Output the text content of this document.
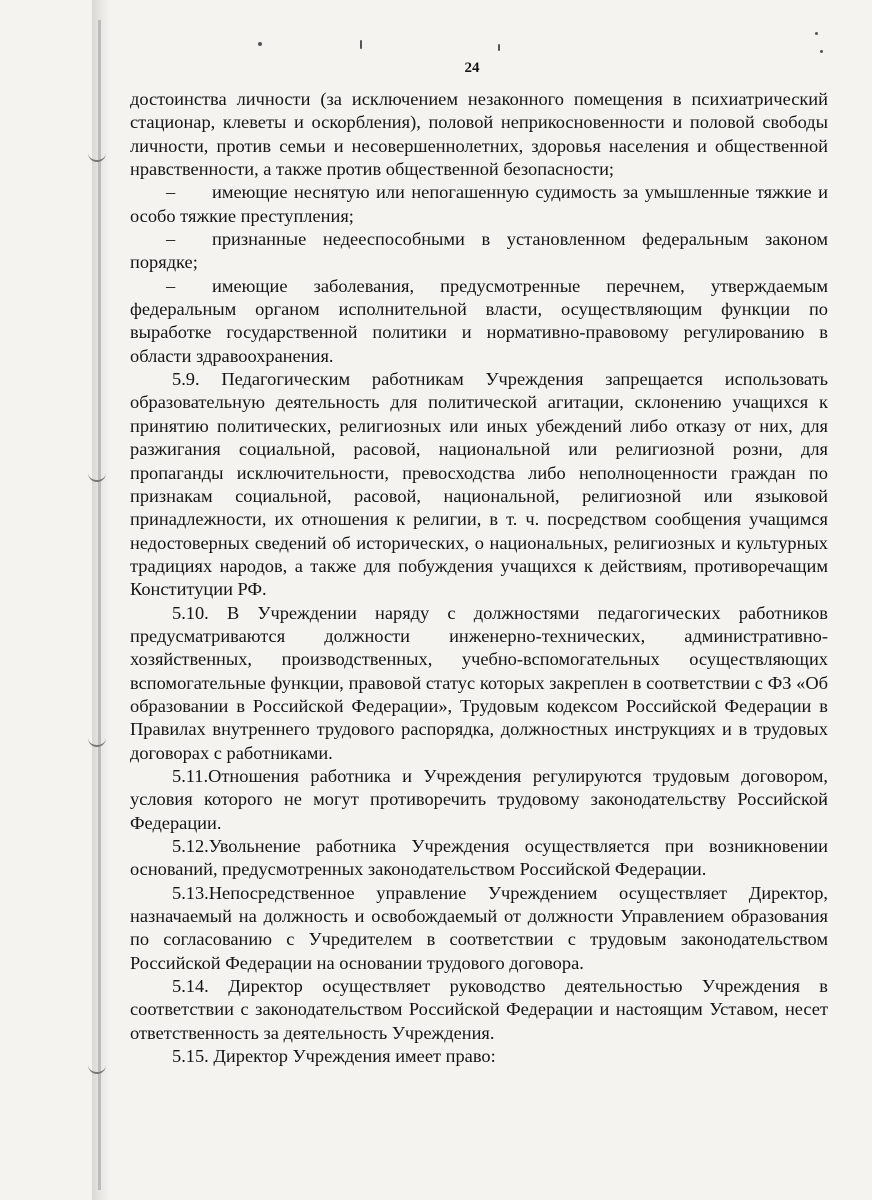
24

достоинства личности (за исключением незаконного помещения в психиатрический стационар, клеветы и оскорбления), половой неприкосновенности и половой свободы личности, против семьи и несовершеннолетних, здоровья населения и общественной нравственности, а также против общественной безопасности;

–  имеющие неснятую или непогашенную судимость за умышленные тяжкие и особо тяжкие преступления;

–  признанные недееспособными в установленном федеральным законом порядке;

–  имеющие заболевания, предусмотренные перечнем, утверждаемым федеральным органом исполнительной власти, осуществляющим функции по выработке государственной политики и нормативно-правовому регулированию в области здравоохранения.

5.9. Педагогическим работникам Учреждения запрещается использовать образовательную деятельность для политической агитации, склонению учащихся к принятию политических, религиозных или иных убеждений либо отказу от них, для разжигания социальной, расовой, национальной или религиозной розни, для пропаганды исключительности, превосходства либо неполноценности граждан по признакам социальной, расовой, национальной, религиозной или языковой принадлежности, их отношения к религии, в т. ч. посредством сообщения учащимся недостоверных сведений об исторических, о национальных, религиозных и культурных традициях народов, а также для побуждения учащихся к действиям, противоречащим Конституции РФ.

5.10. В Учреждении наряду с должностями педагогических работников предусматриваются должности инженерно-технических, административно-хозяйственных, производственных, учебно-вспомогательных осуществляющих вспомогательные функции, правовой статус которых закреплен в соответствии с ФЗ «Об образовании в Российской Федерации», Трудовым кодексом Российской Федерации в Правилах внутреннего трудового распорядка, должностных инструкциях и в трудовых договорах с работниками.

5.11.Отношения работника и Учреждения регулируются трудовым договором, условия которого не могут противоречить трудовому законодательству Российской Федерации.

5.12.Увольнение работника Учреждения осуществляется при возникновении оснований, предусмотренных законодательством Российской Федерации.

5.13.Непосредственное управление Учреждением осуществляет Директор, назначаемый на должность и освобождаемый от должности Управлением образования по согласованию с Учредителем в соответствии с трудовым законодательством Российской Федерации на основании трудового договора.

5.14. Директор осуществляет руководство деятельностью Учреждения в соответствии с законодательством Российской Федерации и настоящим Уставом, несет ответственность за деятельность Учреждения.

5.15. Директор Учреждения имеет право:
